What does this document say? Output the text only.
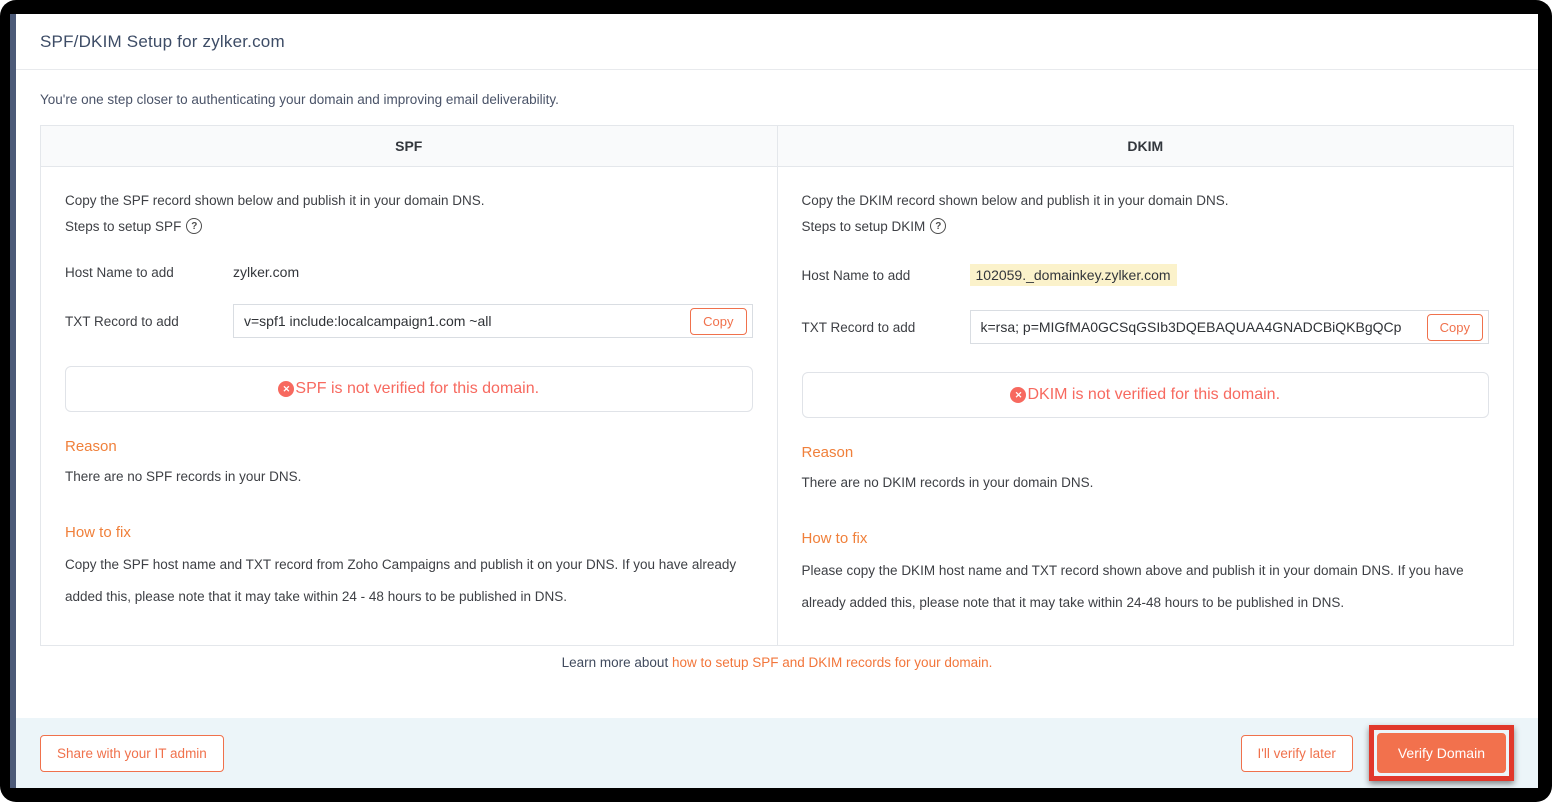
SPF/DKIM Setup for zylker.com
You're one step closer to authenticating your domain and improving email deliverability.
SPF	DKIM
Copy the SPF record shown below and publish it in your domain DNS.
Steps to setup SPF ?
Host Name to add	zylker.com
TXT Record to add	v=spf1 include:localcampaign1.com ~all	Copy
✕ SPF is not verified for this domain.
Reason
There are no SPF records in your DNS.
How to fix
Copy the SPF host name and TXT record from Zoho Campaigns and publish it on your DNS. If you have already added this, please note that it may take within 24 - 48 hours to be published in DNS.
Copy the DKIM record shown below and publish it in your domain DNS.
Steps to setup DKIM ?
Host Name to add	102059._domainkey.zylker.com
TXT Record to add	k=rsa; p=MIGfMA0GCSqGSIb3DQEBAQUAA4GNADCBiQKBgQCp	Copy
✕ DKIM is not verified for this domain.
Reason
There are no DKIM records in your domain DNS.
How to fix
Please copy the DKIM host name and TXT record shown above and publish it in your domain DNS. If you have already added this, please note that it may take within 24-48 hours to be published in DNS.
Learn more about how to setup SPF and DKIM records for your domain.
Share with your IT admin	I'll verify later	Verify Domain
